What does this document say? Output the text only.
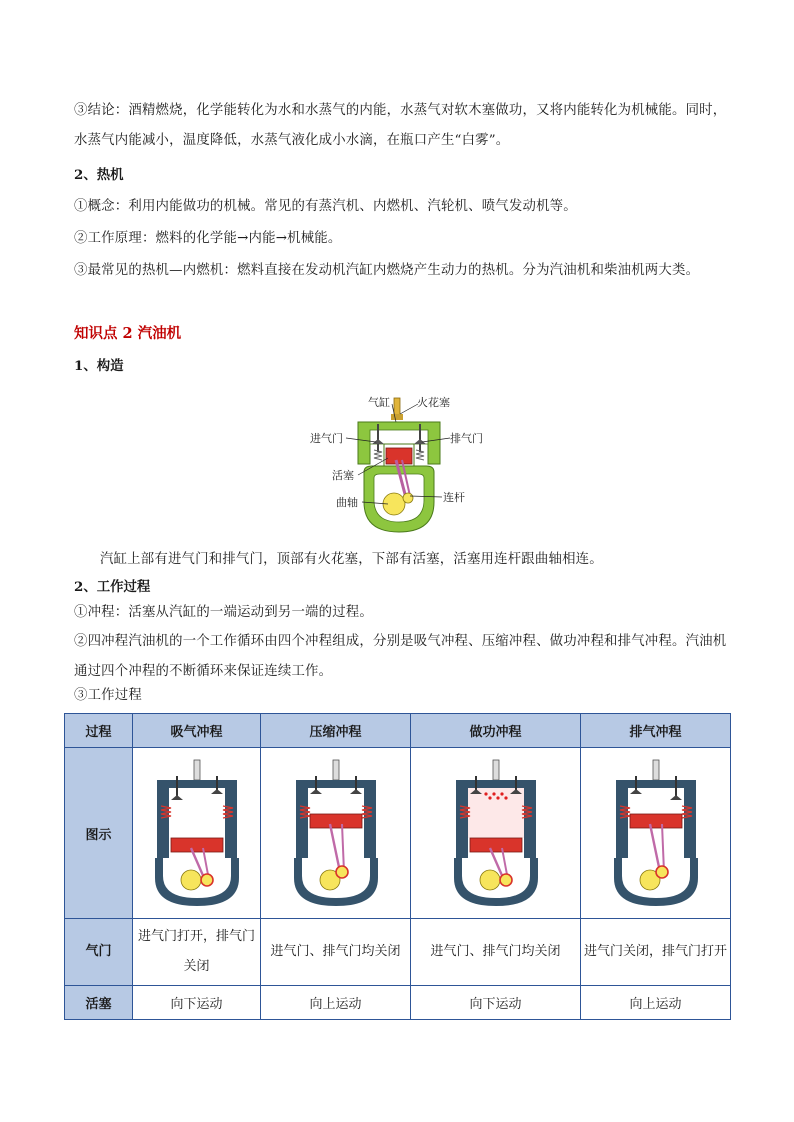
③结论：酒精燃烧，化学能转化为水和水蒸气的内能，水蒸气对软木塞做功，又将内能转化为机械能。同时，水蒸气内能减小，温度降低，水蒸气液化成小水滴，在瓶口产生“白雾”。
2、热机
①概念：利用内能做功的机械。常见的有蒸汽机、内燃机、汽轮机、喷气发动机等。
②工作原理：燃料的化学能→内能→机械能。
③最常见的热机—内燃机：燃料直接在发动机汽缸内燃烧产生动力的热机。分为汽油机和柴油机两大类。
知识点 2 汽油机
1、构造
气缸 火花塞
进气门	排气门
活塞
曲轴	连杆
汽缸上部有进气门和排气门，顶部有火花塞，下部有活塞，活塞用连杆跟曲轴相连。
2、工作过程
①冲程：活塞从汽缸的一端运动到另一端的过程。
②四冲程汽油机的一个工作循环由四个冲程组成，分别是吸气冲程、压缩冲程、做功冲程和排气冲程。汽油机通过四个冲程的不断循环来保证连续工作。
③工作过程
过程	吸气冲程	压缩冲程	做功冲程	排气冲程
图示	

气门	进气门打开，排气门关闭	进气门、排气门均关闭	进气门、排气门均关闭	进气门关闭，排气门打开
活塞	向下运动	向上运动	向下运动	向上运动
